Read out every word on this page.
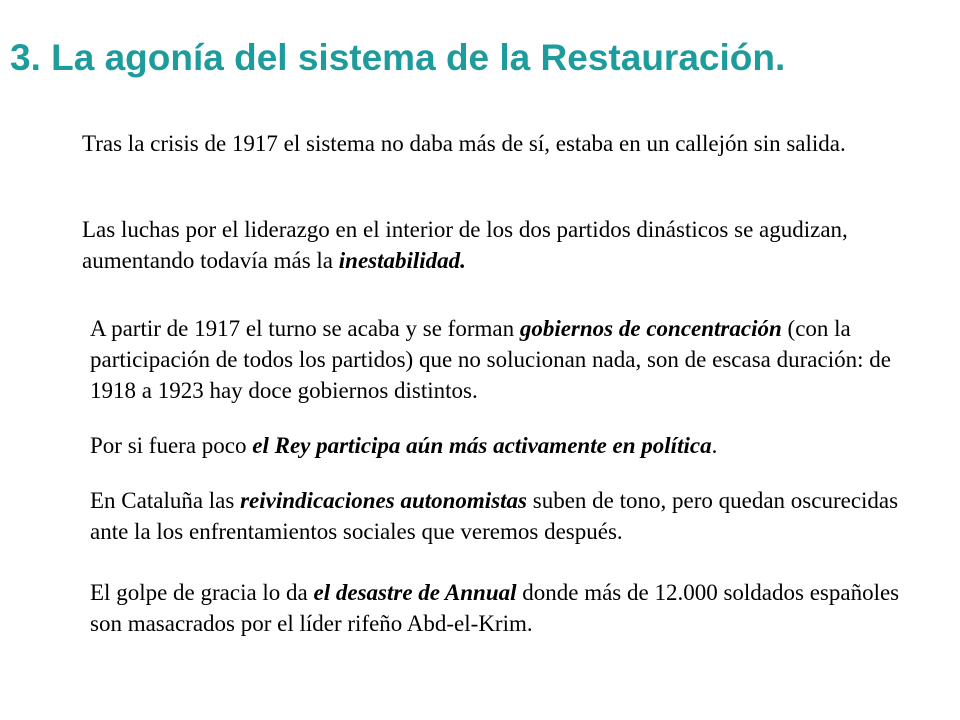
3. La agonía del sistema de la Restauración.

Tras la crisis de 1917 el sistema no daba más de sí, estaba en un callejón sin salida.

Las luchas por el liderazgo en el interior de los dos partidos dinásticos se agudizan, aumentando todavía más la inestabilidad.

A partir de 1917 el turno se acaba y se forman gobiernos de concentración (con la participación de todos los partidos) que no solucionan nada, son de escasa duración: de 1918 a 1923 hay doce gobiernos distintos.

Por si fuera poco el Rey participa aún más activamente en política.

En Cataluña las reivindicaciones autonomistas suben de tono, pero quedan oscurecidas ante la los enfrentamientos sociales que veremos después.

El golpe de gracia lo da el desastre de Annual donde más de 12.000 soldados españoles son masacrados por el líder rifeño Abd-el-Krim.
